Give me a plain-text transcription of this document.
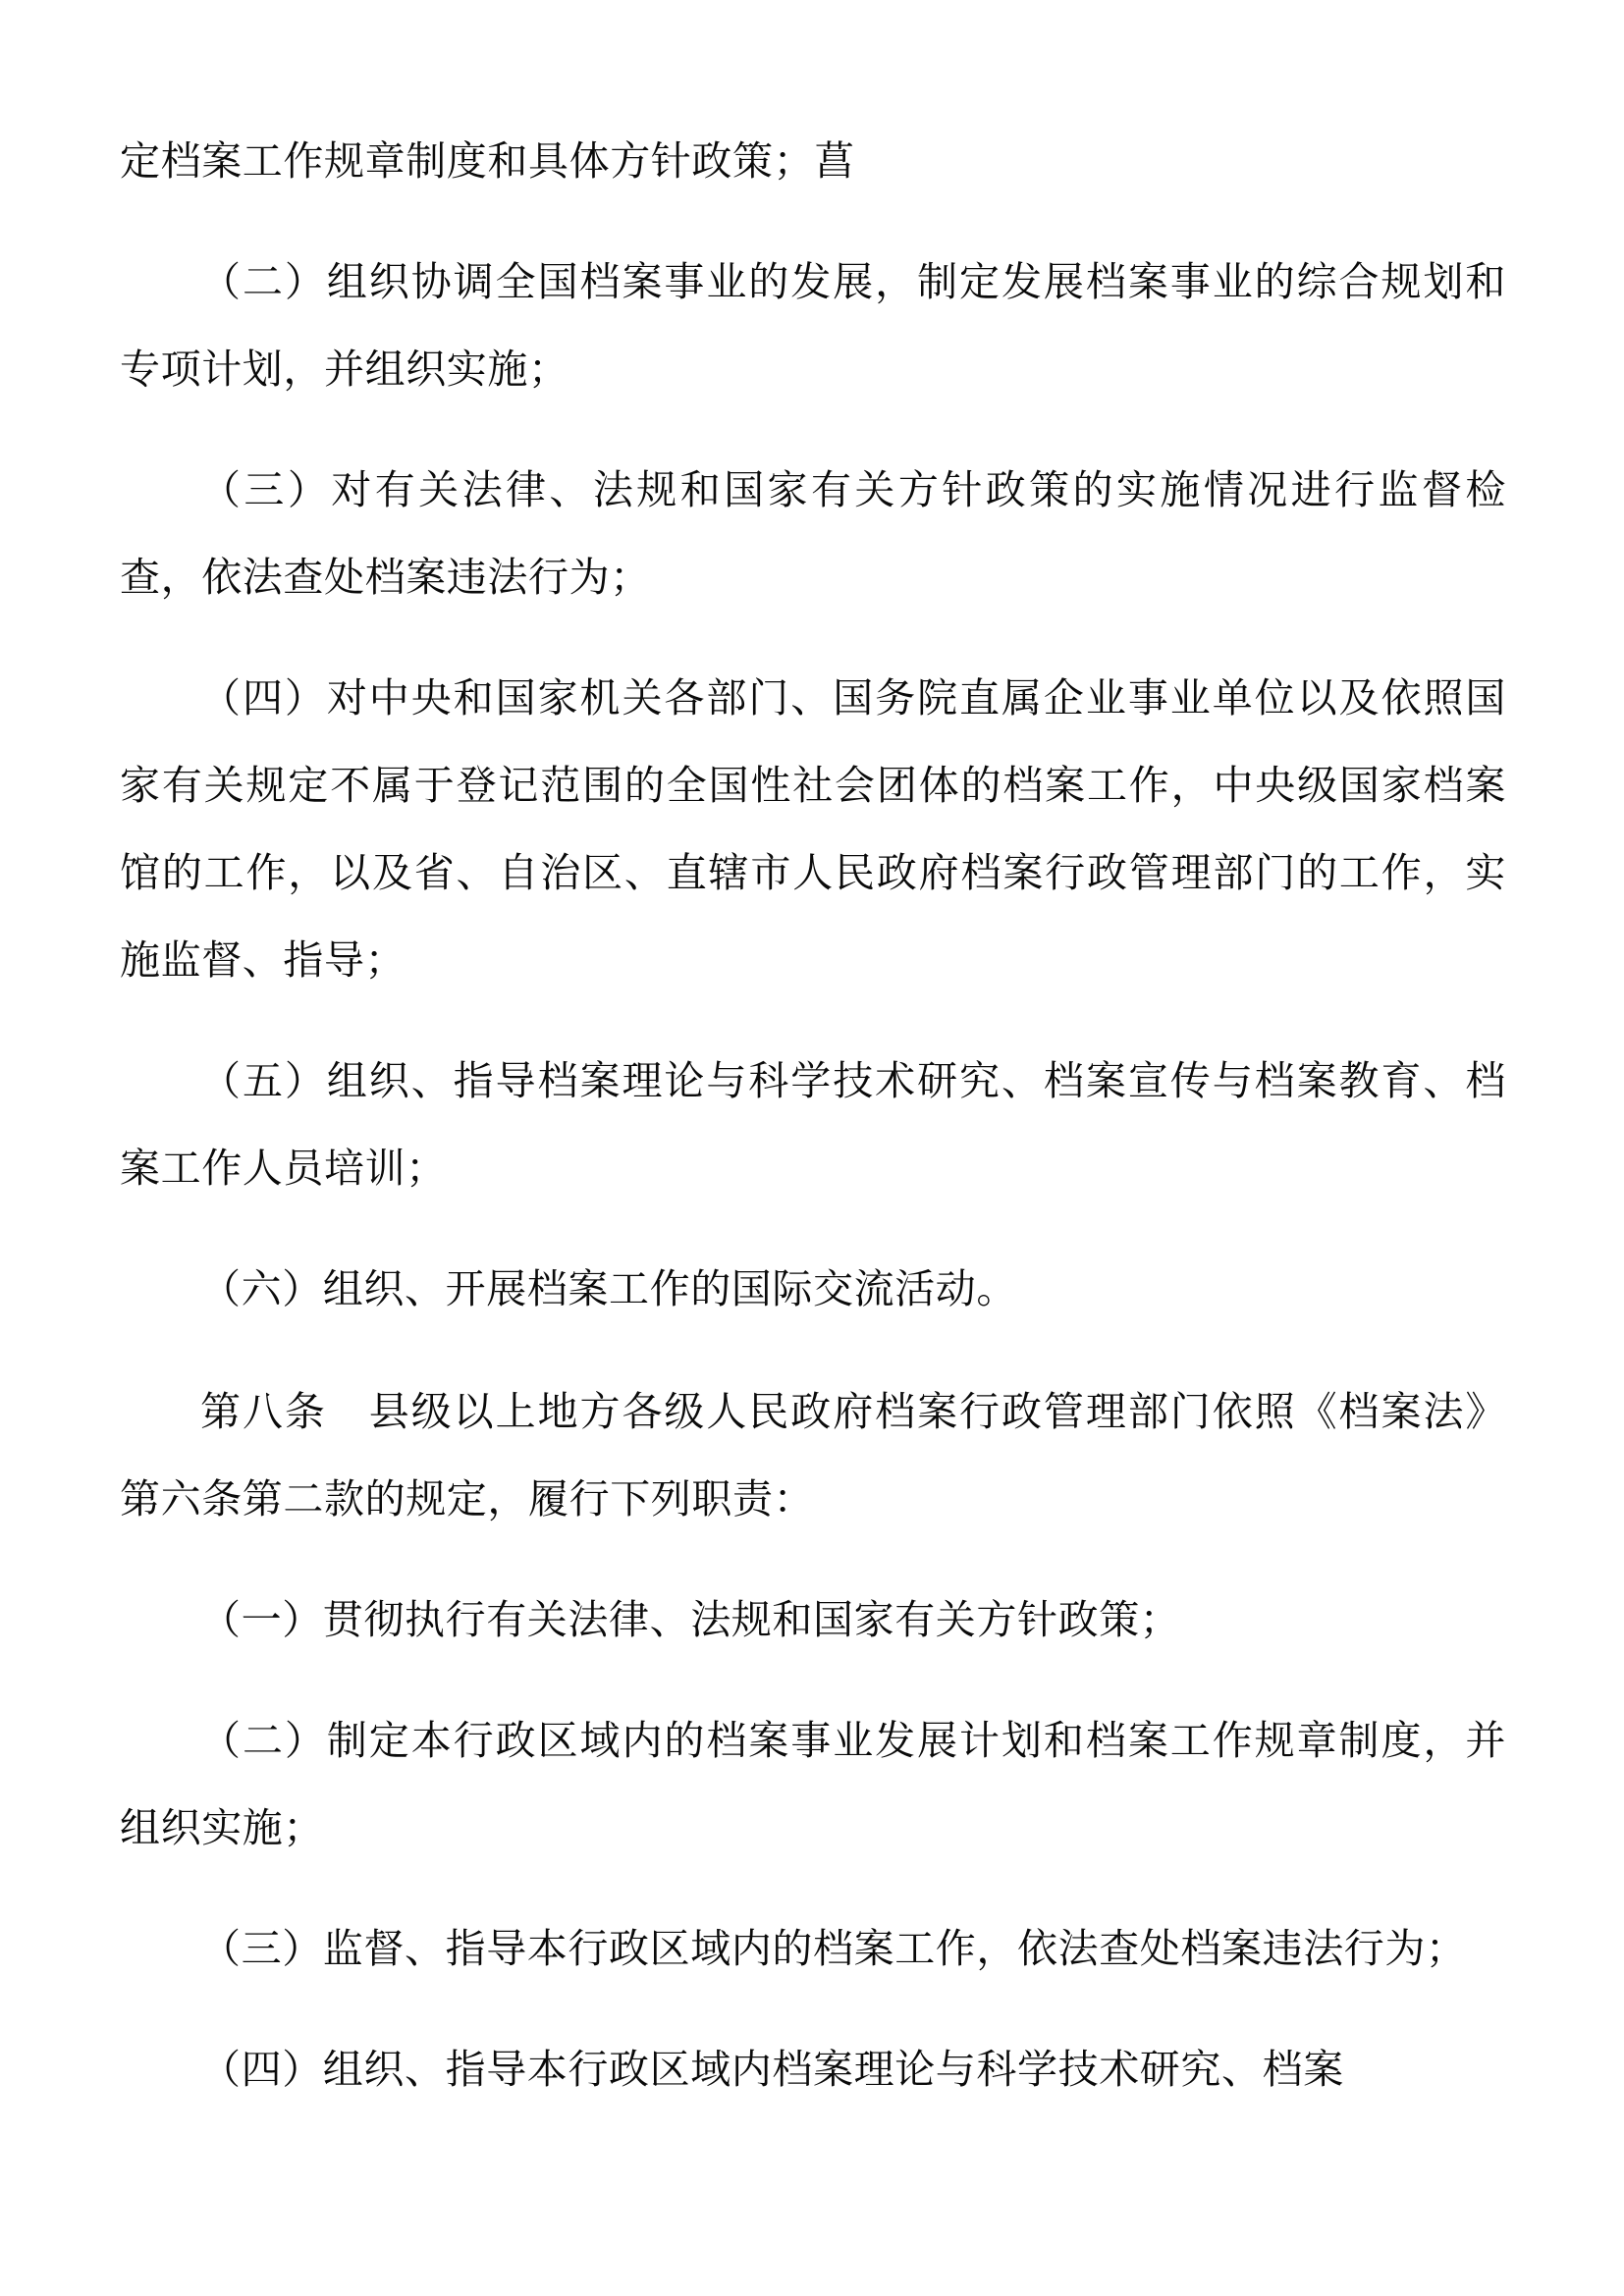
定档案工作规章制度和具体方针政策；菖

（二）组织协调全国档案事业的发展，制定发展档案事业的综合规划和专项计划，并组织实施；

（三）对有关法律、法规和国家有关方针政策的实施情况进行监督检查，依法查处档案违法行为；

（四）对中央和国家机关各部门、国务院直属企业事业单位以及依照国家有关规定不属于登记范围的全国性社会团体的档案工作，中央级国家档案馆的工作，以及省、自治区、直辖市人民政府档案行政管理部门的工作，实施监督、指导；

（五）组织、指导档案理论与科学技术研究、档案宣传与档案教育、档案工作人员培训；

（六）组织、开展档案工作的国际交流活动。

第八条　县级以上地方各级人民政府档案行政管理部门依照《档案法》第六条第二款的规定，履行下列职责：

（一）贯彻执行有关法律、法规和国家有关方针政策；

（二）制定本行政区域内的档案事业发展计划和档案工作规章制度，并组织实施；

（三）监督、指导本行政区域内的档案工作，依法查处档案违法行为；

（四）组织、指导本行政区域内档案理论与科学技术研究、档案
